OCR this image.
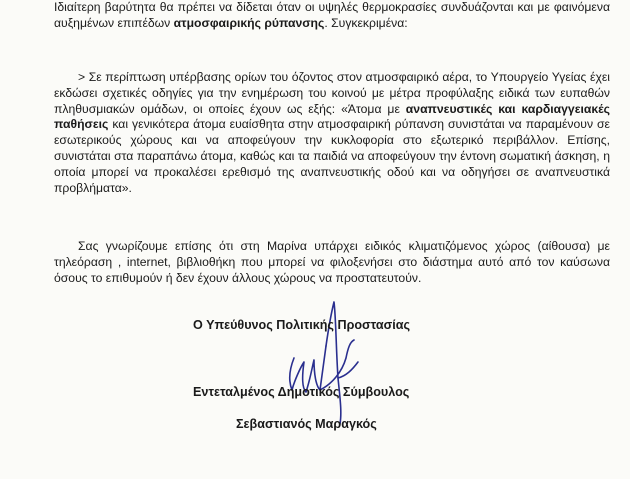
Ιδιαίτερη βαρύτητα θα πρέπει να δίδεται όταν οι υψηλές θερμοκρασίες συνδυάζονται και με φαινόμενα αυξημένων επιπέδων ατμοσφαιρικής ρύπανσης. Συγκεκριμένα:

> Σε περίπτωση υπέρβασης ορίων του όζοντος στον ατμοσφαιρικό αέρα, το Υπουργείο Υγείας έχει εκδώσει σχετικές οδηγίες για την ενημέρωση του κοινού με μέτρα προφύλαξης ειδικά των ευπαθών πληθυσμιακών ομάδων, οι οποίες έχουν ως εξής: «Άτομα με αναπνευστικές και καρδιαγγειακές παθήσεις και γενικότερα άτομα ευαίσθητα στην ατμοσφαιρική ρύπανση συνιστάται να παραμένουν σε εσωτερικούς χώρους και να αποφεύγουν την κυκλοφορία στο εξωτερικό περιβάλλον. Επίσης, συνιστάται στα παραπάνω άτομα, καθώς και τα παιδιά να αποφεύγουν την έντονη σωματική άσκηση, η οποία μπορεί να προκαλέσει ερεθισμό της αναπνευστικής οδού και να οδηγήσει σε αναπνευστικά προβλήματα».

Σας γνωρίζουμε επίσης ότι στη Μαρίνα υπάρχει ειδικός κλιματιζόμενος χώρος (αίθουσα) με τηλεόραση , internet, βιβλιοθήκη που μπορεί να φιλοξενήσει στο διάστημα αυτό από τον καύσωνα όσους το επιθυμούν ή δεν έχουν άλλους χώρους να προστατευτούν.

Ο Υπεύθυνος Πολιτικής Προστασίας
Εντεταλμένος Δημοτικός Σύμβουλος
Σεβαστιανός Μαραγκός
